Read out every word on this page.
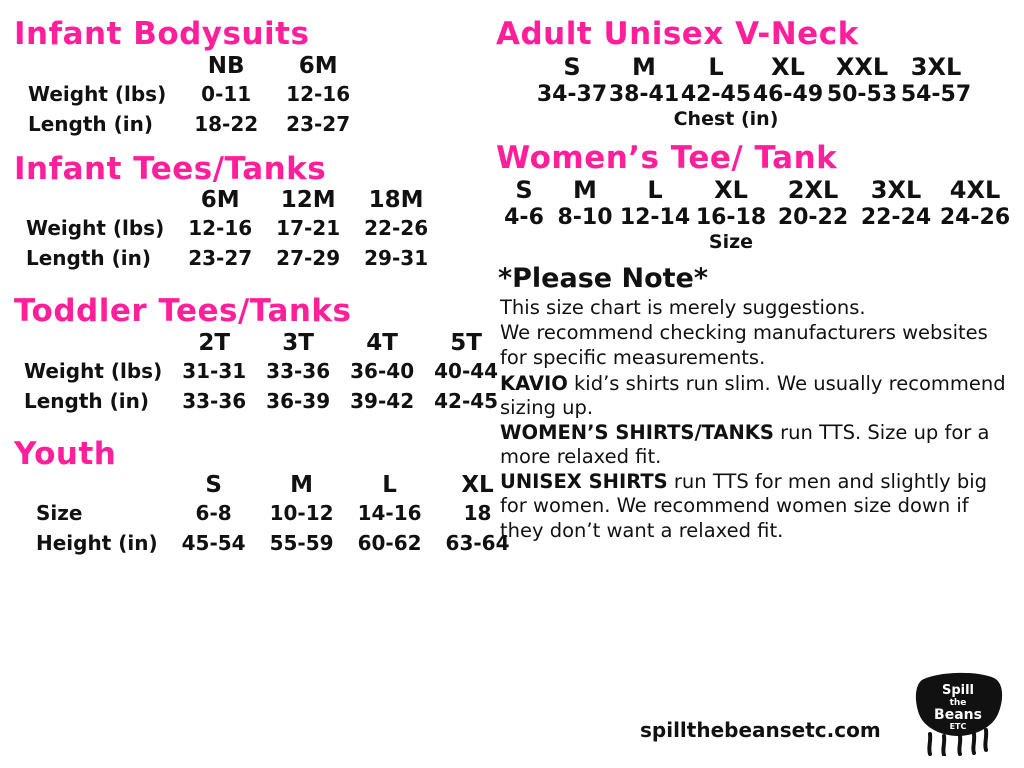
Infant Bodysuits
	NB	6M
Weight (lbs)	0-11	12-16
Length (in)	18-22	23-27
Infant Tees/Tanks
	6M	12M	18M
Weight (lbs)	12-16	17-21	22-26
Length (in)	23-27	27-29	29-31
Toddler Tees/Tanks
	2T	3T	4T	5T
Weight (lbs)	31-31	33-36	36-40	40-44
Length (in)	33-36	36-39	39-42	42-45
Youth
	S	M	L	XL
Size	6-8	10-12	14-16	18
Height (in)	45-54	55-59	60-62	63-64
Adult Unisex V-Neck
S	M	L	XL	XXL 3XL
34-37 38-41 42-45 46-49 50-53 54-57
Chest (in)
Women’s Tee/ Tank
S	M	L	XL	2XL	3XL	4XL
4-6 8-10 12-14 16-18 20-22 22-24 24-26
Size
*Please Note*

This size chart is merely suggestions.

We recommend checking manufacturers websites

for specific measurements.

KAVIO kid’s shirts run slim. We usually recommend sizing up.

WOMEN’S SHIRTS/TANKS run TTS. Size up for a more relaxed fit.

UNISEX SHIRTS run TTS for men and slightly big for women. We recommend women size down if they don’t want a relaxed fit.

spillthebeansetc.com
Spill
the
Beans
ETC
